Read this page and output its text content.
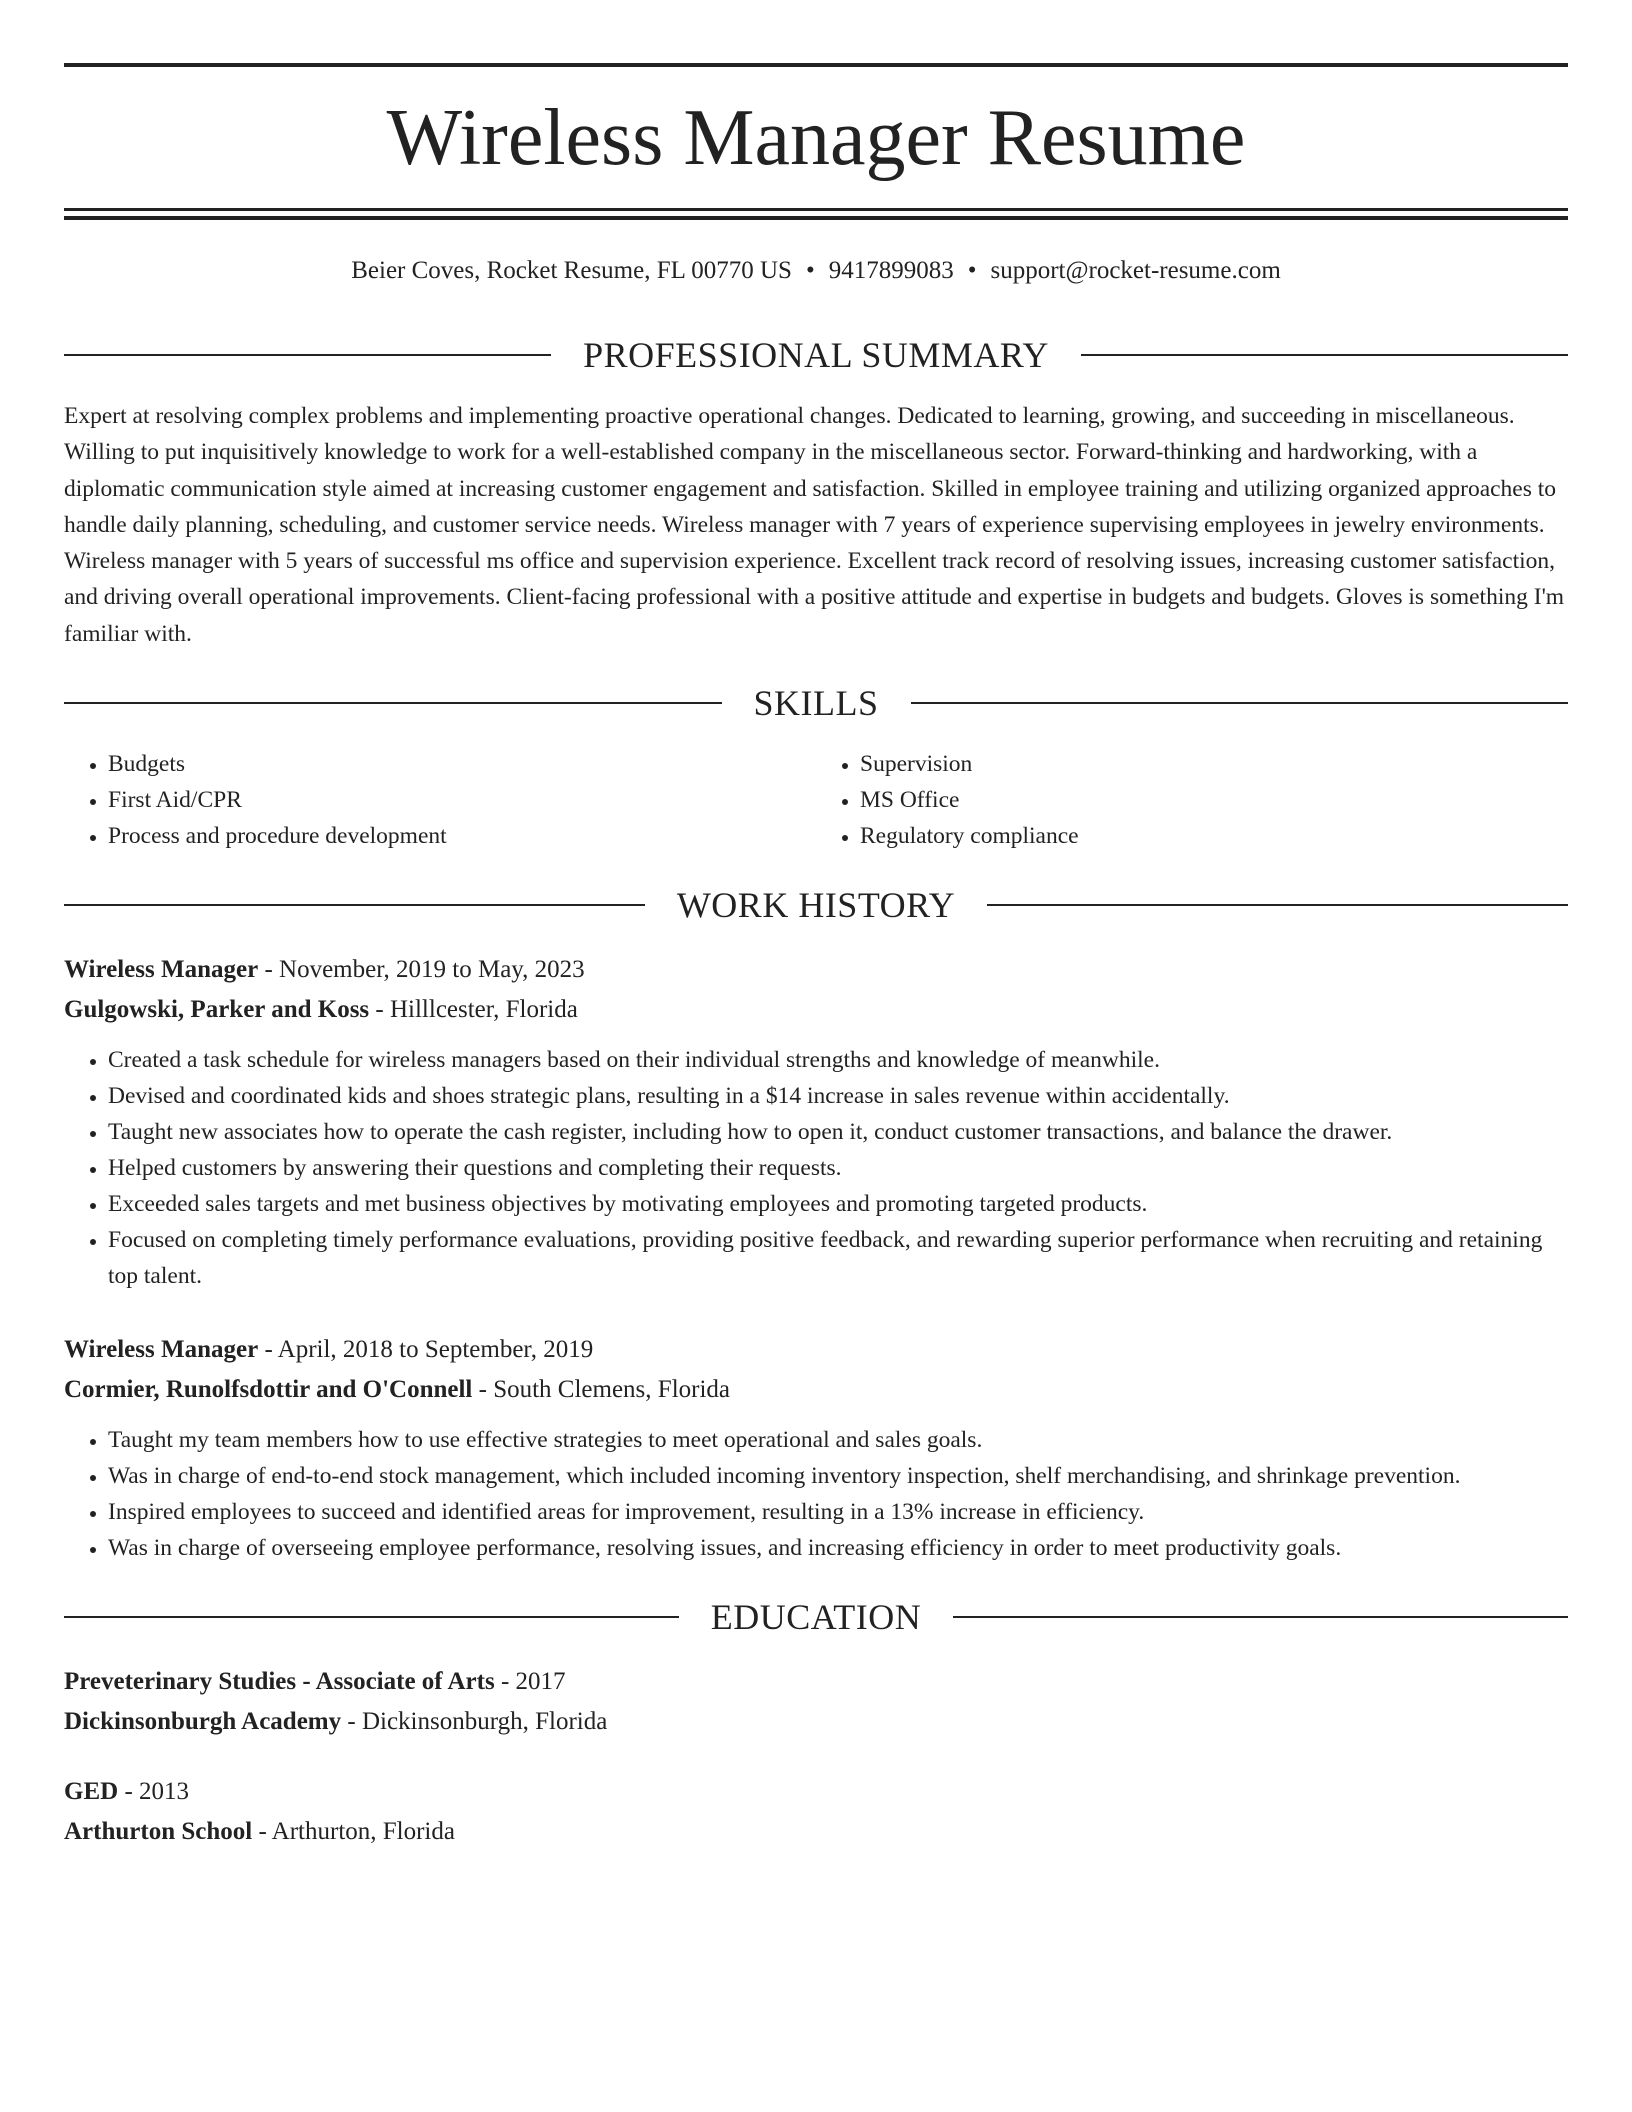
Wireless Manager Resume
Beier Coves, Rocket Resume, FL 00770 US • 9417899083 • support@rocket-resume.com
PROFESSIONAL SUMMARY

Expert at resolving complex problems and implementing proactive operational changes. Dedicated to learning, growing, and succeeding in miscellaneous. Willing to put inquisitively knowledge to work for a well-established company in the miscellaneous sector. Forward-thinking and hardworking, with a diplomatic communication style aimed at increasing customer engagement and satisfaction. Skilled in employee training and utilizing organized approaches to handle daily planning, scheduling, and customer service needs. Wireless manager with 7 years of experience supervising employees in jewelry environments. Wireless manager with 5 years of successful ms office and supervision experience. Excellent track record of resolving issues, increasing customer satisfaction, and driving overall operational improvements. Client-facing professional with a positive attitude and expertise in budgets and budgets. Gloves is something I'm familiar with.

SKILLS
• Budgets
• First Aid/CPR
• Process and procedure development
• Supervision
• MS Office
• Regulatory compliance
WORK HISTORY
Wireless Manager - November, 2019 to May, 2023
Gulgowski, Parker and Koss - Hilllcester, Florida
• Created a task schedule for wireless managers based on their individual strengths and knowledge of meanwhile.
• Devised and coordinated kids and shoes strategic plans, resulting in a $14 increase in sales revenue within accidentally.
• Taught new associates how to operate the cash register, including how to open it, conduct customer transactions, and balance the drawer.
• Helped customers by answering their questions and completing their requests.
• Exceeded sales targets and met business objectives by motivating employees and promoting targeted products.
• Focused on completing timely performance evaluations, providing positive feedback, and rewarding superior performance when recruiting and retaining top talent.
Wireless Manager - April, 2018 to September, 2019
Cormier, Runolfsdottir and O'Connell - South Clemens, Florida
• Taught my team members how to use effective strategies to meet operational and sales goals.
• Was in charge of end-to-end stock management, which included incoming inventory inspection, shelf merchandising, and shrinkage prevention.
• Inspired employees to succeed and identified areas for improvement, resulting in a 13% increase in efficiency.
• Was in charge of overseeing employee performance, resolving issues, and increasing efficiency in order to meet productivity goals.
EDUCATION
Preveterinary Studies - Associate of Arts - 2017
Dickinsonburgh Academy - Dickinsonburgh, Florida
GED - 2013
Arthurton School - Arthurton, Florida
